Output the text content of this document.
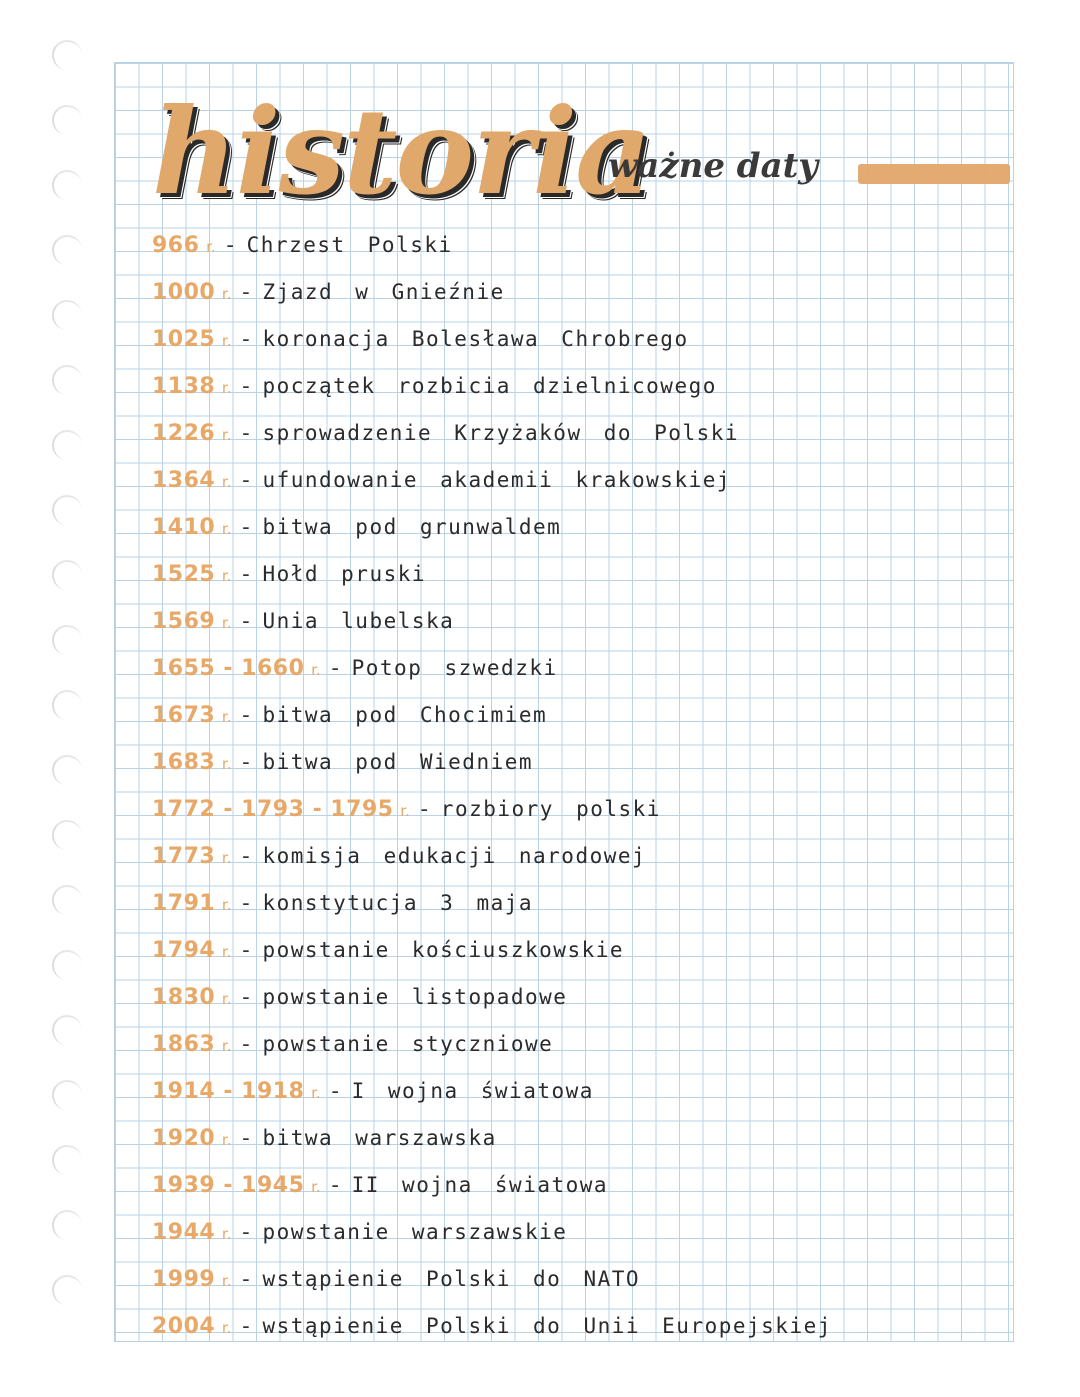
historia
ważne daty
966 r. - Chrzest Polski
1000 r. - Zjazd w Gnieźnie
1025 r. - koronacja Bolesława Chrobrego
1138 r. - początek rozbicia dzielnicowego
1226 r. - sprowadzenie Krzyżaków do Polski
1364 r. - ufundowanie akademii krakowskiej
1410 r. - bitwa pod grunwaldem
1525 r. - Hołd pruski
1569 r. - Unia lubelska
1655 - 1660 r. - Potop szwedzki
1673 r. - bitwa pod Chocimiem
1683 r. - bitwa pod Wiedniem
1772 - 1793 - 1795 r. - rozbiory polski
1773 r. - komisja edukacji narodowej
1791 r. - konstytucja 3 maja
1794 r. - powstanie kościuszkowskie
1830 r. - powstanie listopadowe
1863 r. - powstanie styczniowe
1914 - 1918 r. - I wojna światowa
1920 r. - bitwa warszawska
1939 - 1945 r. - II wojna światowa
1944 r. - powstanie warszawskie
1999 r. - wstąpienie Polski do NATO
2004 r. - wstąpienie Polski do Unii Europejskiej
